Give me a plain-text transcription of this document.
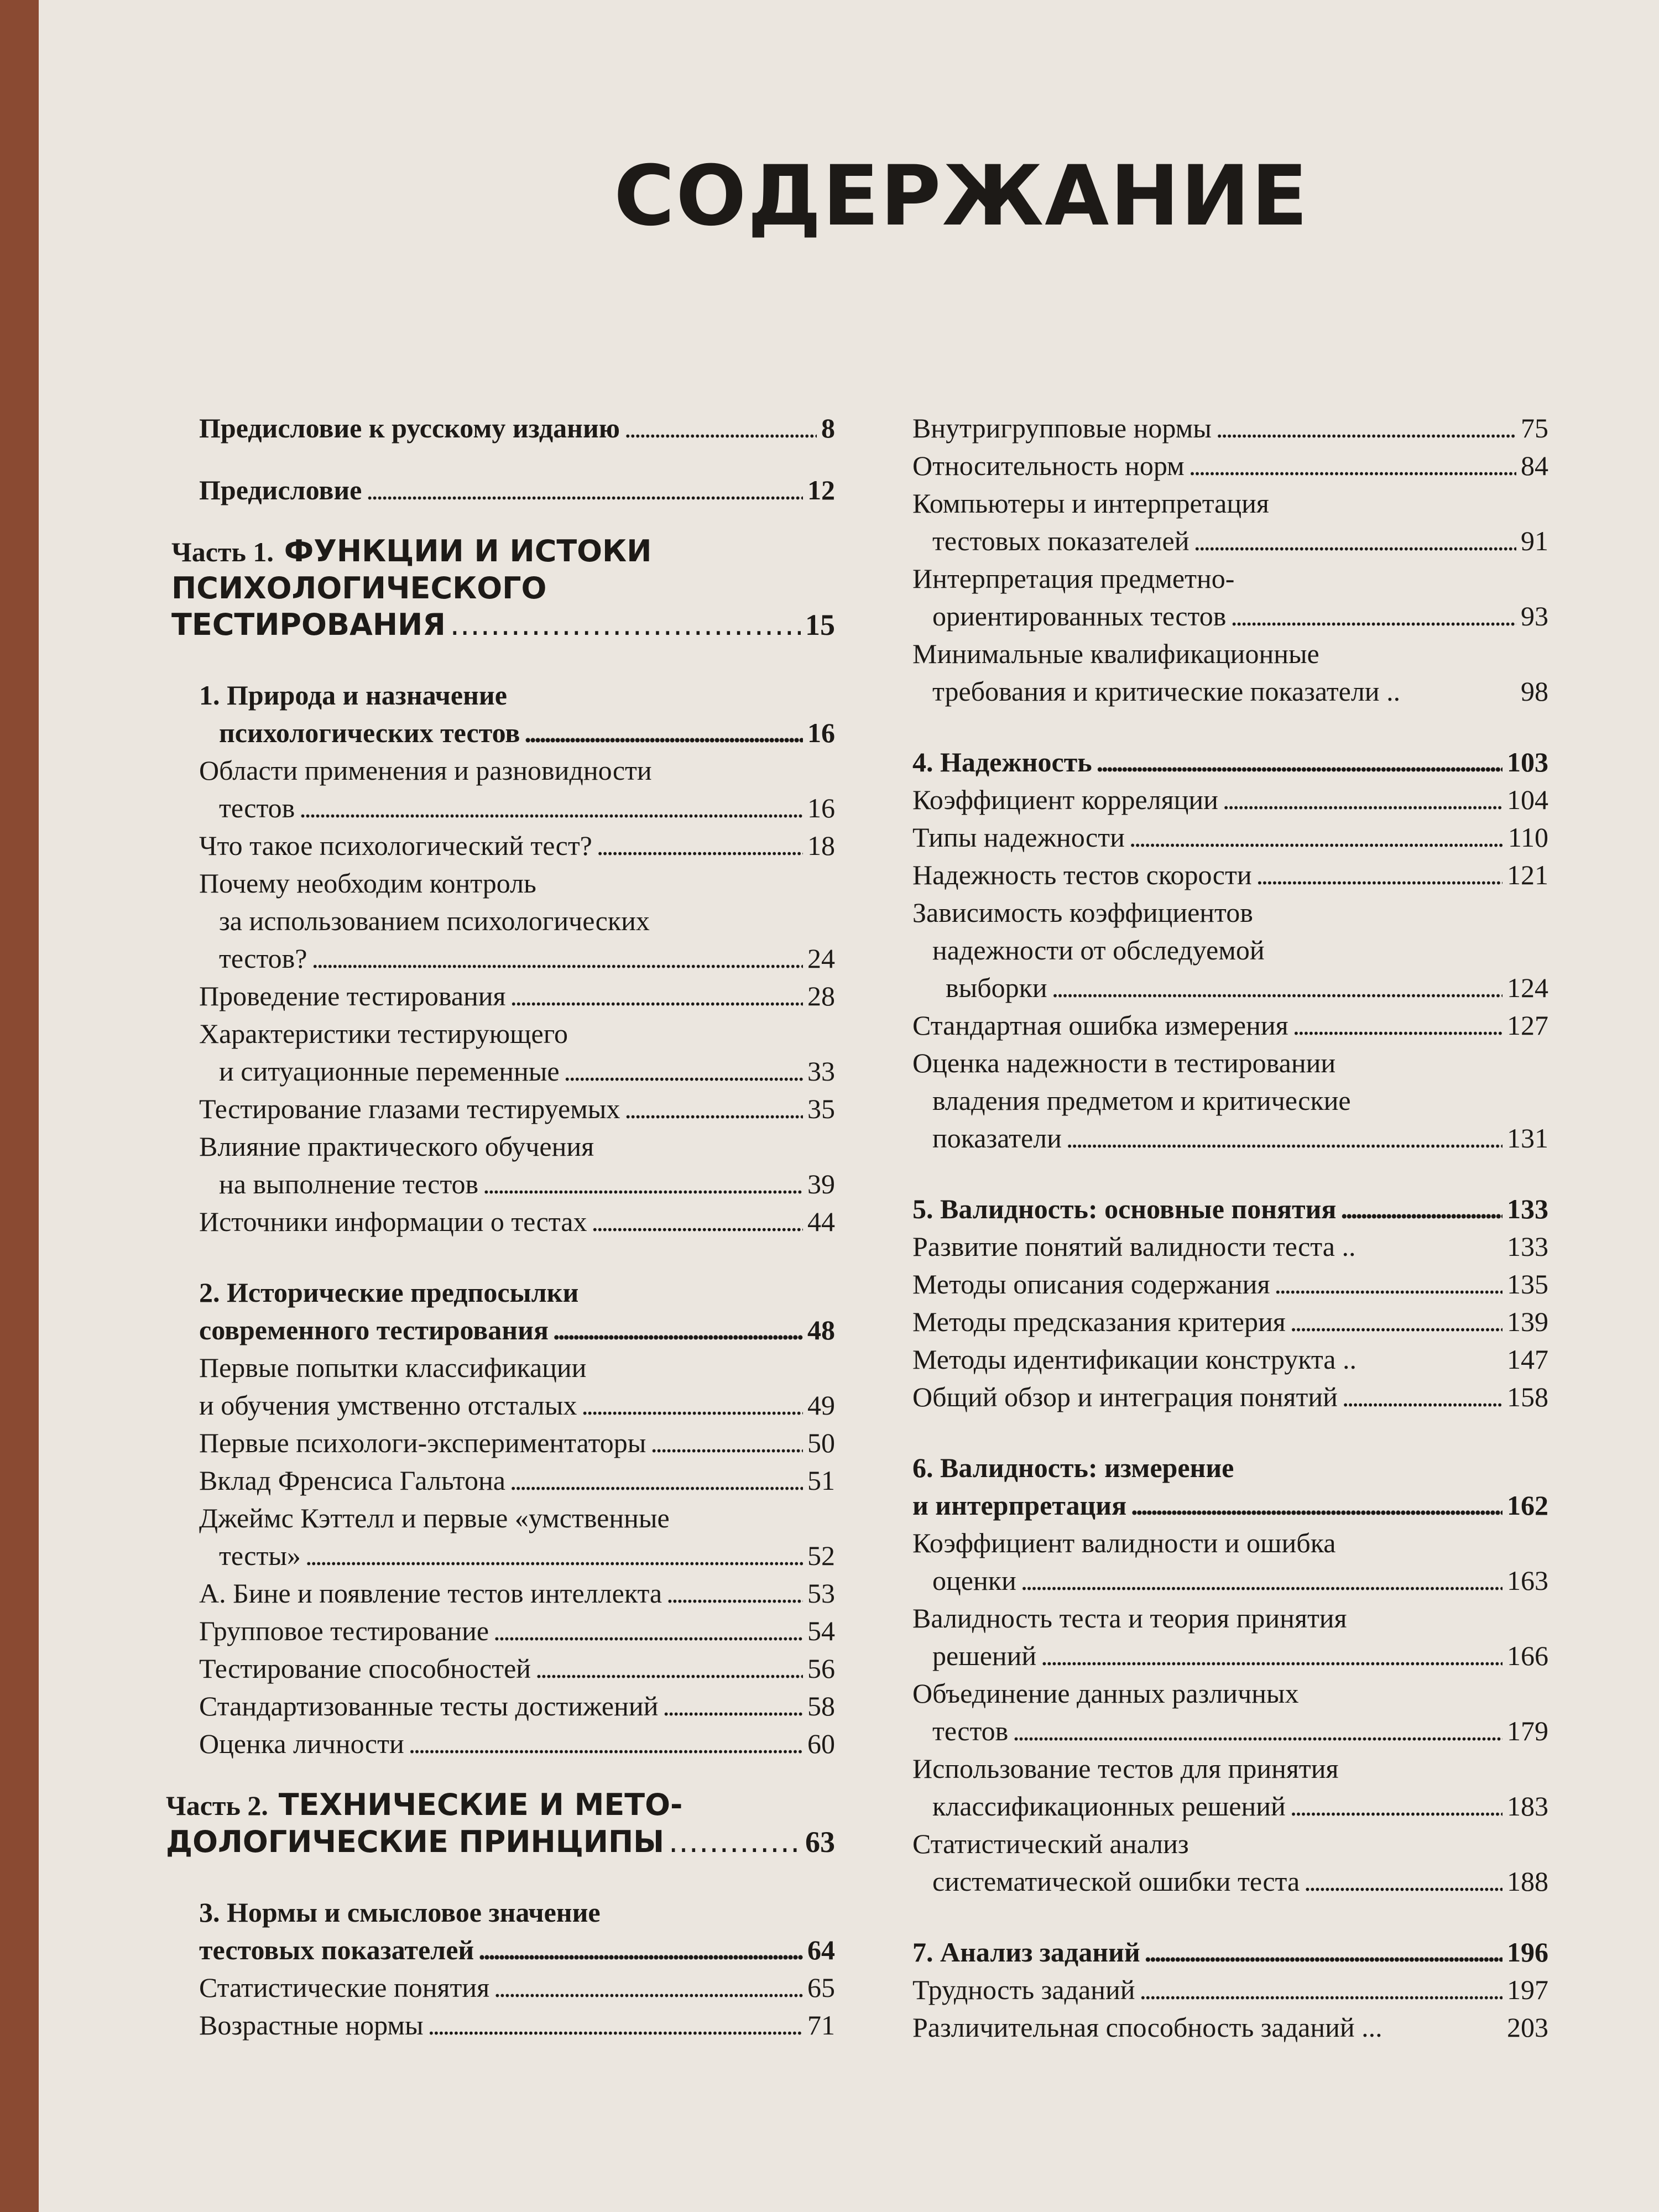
СОДЕРЖАНИЕ
Предисловие к русскому изданию . . .	8
Предисловие . . .	12
Часть 1. ФУНКЦИИ И ИСТОКИ
ПСИХОЛОГИЧЕСКОГО
ТЕСТИРОВАНИЯ . . .	15
1. Природа и назначение
психологических тестов . . .	16
Области применения и разновидности
тестов . . .	16
Что такое психологический тест? . . .	18
Почему необходим контроль
за использованием психологических
тестов? . . .	24
Проведение тестирования . . .	28
Характеристики тестирующего
и ситуационные переменные . . .	33
Тестирование глазами тестируемых . . .	35
Влияние практического обучения
на выполнение тестов . . .	39
Источники информации о тестах . . .	44
2. Исторические предпосылки
современного тестирования . . .	48
Первые попытки классификации
и обучения умственно отсталых . . .	49
Первые психологи-экспериментаторы . . .	50
Вклад Френсиса Гальтона . . .	51
Джеймс Кэттелл и первые «умственные
тесты» . . .	52
А. Бине и появление тестов интеллекта . . .	53
Групповое тестирование . . .	54
Тестирование способностей . . .	56
Стандартизованные тесты достижений . . .	58
Оценка личности . . .	60
Часть 2. ТЕХНИЧЕСКИЕ И МЕТО-
ДОЛОГИЧЕСКИЕ ПРИНЦИПЫ . . .	63
3. Нормы и смысловое значение
тестовых показателей . . .	64
Статистические понятия . . .	65
Возрастные нормы . . .	71
Внутригрупповые нормы . . .	75
Относительность норм . . .	84
Компьютеры и интерпретация
тестовых показателей . . .	91
Интерпретация предметно-
ориентированных тестов . . .	93
Минимальные квалификационные
требования и критические показатели ..	98
4. Надежность . . .	103
Коэффициент корреляции . . .	104
Типы надежности . . .	110
Надежность тестов скорости . . .	121
Зависимость коэффициентов
надежности от обследуемой
выборки . . .	124
Стандартная ошибка измерения . . .	127
Оценка надежности в тестировании
владения предметом и критические
показатели . . .	131
5. Валидность: основные понятия . . .	133
Развитие понятий валидности теста ..	133
Методы описания содержания . . .	135
Методы предсказания критерия . . .	139
Методы идентификации конструкта ..	147
Общий обзор и интеграция понятий . . .	158
6. Валидность: измерение
и интерпретация . . .	162
Коэффициент валидности и ошибка
оценки . . .	163
Валидность теста и теория принятия
решений . . .	166
Объединение данных различных
тестов . . .	179
Использование тестов для принятия
классификационных решений . . .	183
Статистический анализ
систематической ошибки теста . . .	188
7. Анализ заданий . . .	196
Трудность заданий . . .	197
Различительная способность заданий ...	203
